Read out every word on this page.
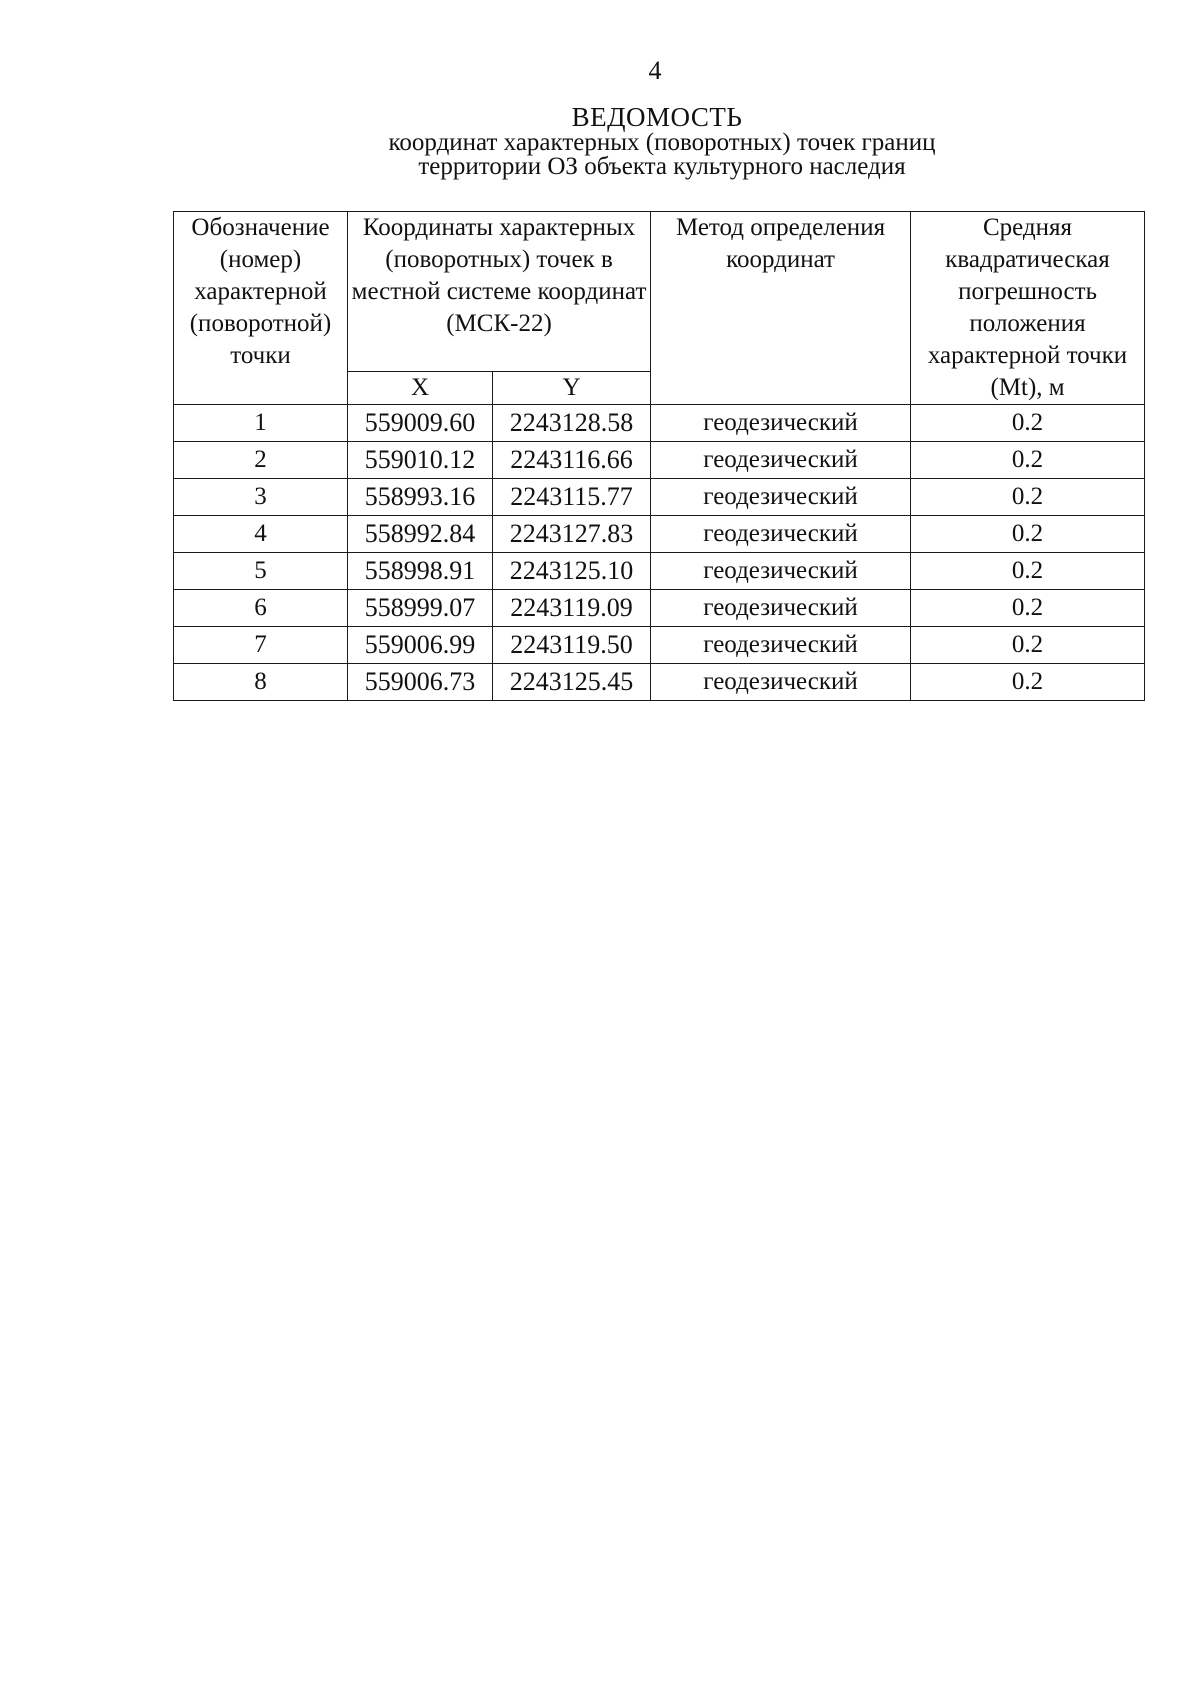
4
ВЕДОМОСТЬ
координат характерных (поворотных) точек границ
территории ОЗ объекта культурного наследия
Обозначение (номер) характерной (поворотной) точки	Координаты характерных (поворотных) точек в местной системе координат (МСК-22)		Метод определения координат	Средняя квадратическая погрешность положения характерной точки (Mt), м
	X	Y		
1	559009.60	2243128.58	геодезический	0.2
2	559010.12	2243116.66	геодезический	0.2
3	558993.16	2243115.77	геодезический	0.2
4	558992.84	2243127.83	геодезический	0.2
5	558998.91	2243125.10	геодезический	0.2
6	558999.07	2243119.09	геодезический	0.2
7	559006.99	2243119.50	геодезический	0.2
8	559006.73	2243125.45	геодезический	0.2
